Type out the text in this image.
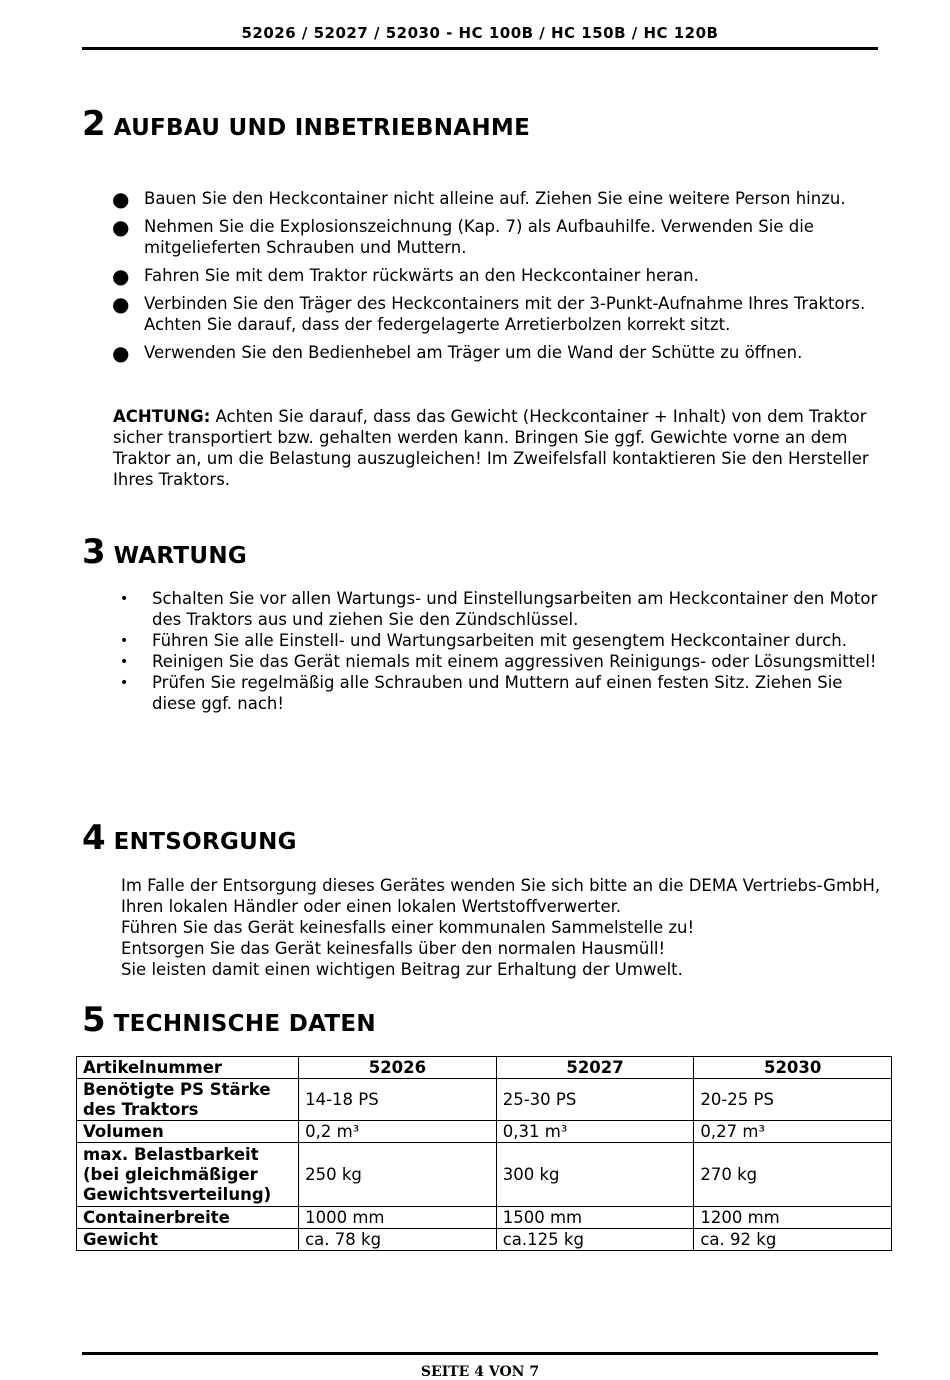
52026 / 52027 / 52030 - HC 100B / HC 150B / HC 120B
2 AUFBAU UND INBETRIEBNAHME
● Bauen Sie den Heckcontainer nicht alleine auf. Ziehen Sie eine weitere Person hinzu.
● Nehmen Sie die Explosionszeichnung (Kap. 7) als Aufbauhilfe. Verwenden Sie die mitgelieferten Schrauben und Muttern.
● Fahren Sie mit dem Traktor rückwärts an den Heckcontainer heran.
● Verbinden Sie den Träger des Heckcontainers mit der 3-Punkt-Aufnahme Ihres Traktors. Achten Sie darauf, dass der federgelagerte Arretierbolzen korrekt sitzt.
● Verwenden Sie den Bedienhebel am Träger um die Wand der Schütte zu öffnen.

ACHTUNG: Achten Sie darauf, dass das Gewicht (Heckcontainer + Inhalt) von dem Traktor sicher transportiert bzw. gehalten werden kann. Bringen Sie ggf. Gewichte vorne an dem Traktor an, um die Belastung auszugleichen! Im Zweifelsfall kontaktieren Sie den Hersteller Ihres Traktors.

3 WARTUNG
• Schalten Sie vor allen Wartungs- und Einstellungsarbeiten am Heckcontainer den Motor des Traktors aus und ziehen Sie den Zündschlüssel.
• Führen Sie alle Einstell- und Wartungsarbeiten mit gesengtem Heckcontainer durch.
• Reinigen Sie das Gerät niemals mit einem aggressiven Reinigungs- oder Lösungsmittel!
• Prüfen Sie regelmäßig alle Schrauben und Muttern auf einen festen Sitz. Ziehen Sie diese ggf. nach!
4 ENTSORGUNG

Im Falle der Entsorgung dieses Gerätes wenden Sie sich bitte an die DEMA Vertriebs-GmbH, Ihren lokalen Händler oder einen lokalen Wertstoffverwerter.

Führen Sie das Gerät keinesfalls einer kommunalen Sammelstelle zu!

Entsorgen Sie das Gerät keinesfalls über den normalen Hausmüll!

Sie leisten damit einen wichtigen Beitrag zur Erhaltung der Umwelt.

5 TECHNISCHE DATEN
Artikelnummer	52026	52027	52030
Benötigte PS Stärke des Traktors	14-18 PS	25-30 PS	20-25 PS
Volumen	0,2 m³	0,31 m³	0,27 m³
max. Belastbarkeit (bei gleichmäßiger Gewichtsverteilung)	250 kg	300 kg	270 kg
Containerbreite	1000 mm	1500 mm	1200 mm
Gewicht	ca. 78 kg	ca.125 kg	ca. 92 kg
SEITE 4 VON 7
